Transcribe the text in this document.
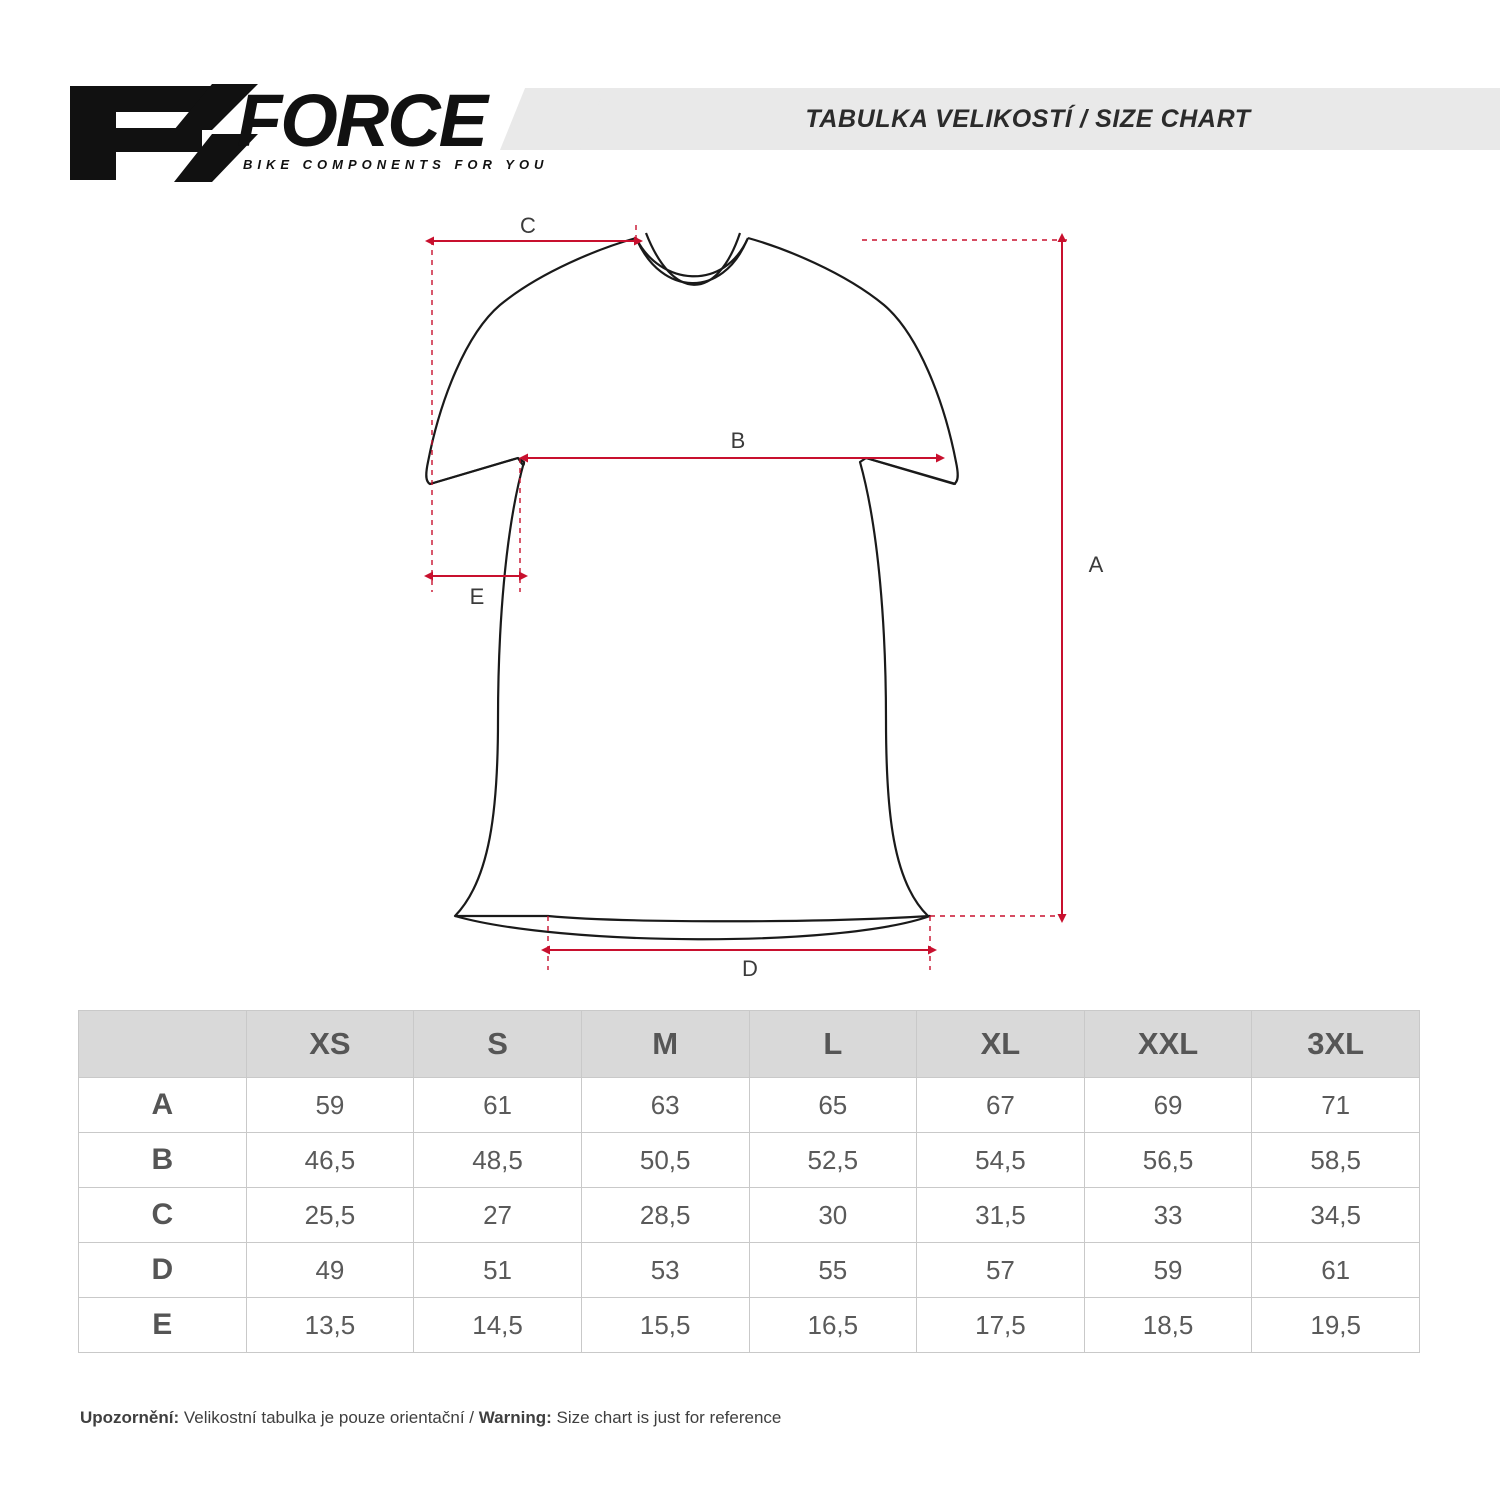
TABULKA VELIKOSTÍ / SIZE CHART
FORCE
BIKE COMPONENTS FOR YOU
C
A
B
E
D
	XS	S	M	L	XL	XXL	3XL
A	59	61	63	65	67	69	71
B	46,5	48,5	50,5	52,5	54,5	56,5	58,5
C	25,5	27	28,5	30	31,5	33	34,5
D	49	51	53	55	57	59	61
E	13,5	14,5	15,5	16,5	17,5	18,5	19,5
Upozornění: Velikostní tabulka je pouze orientační / Warning: Size chart is just for reference
